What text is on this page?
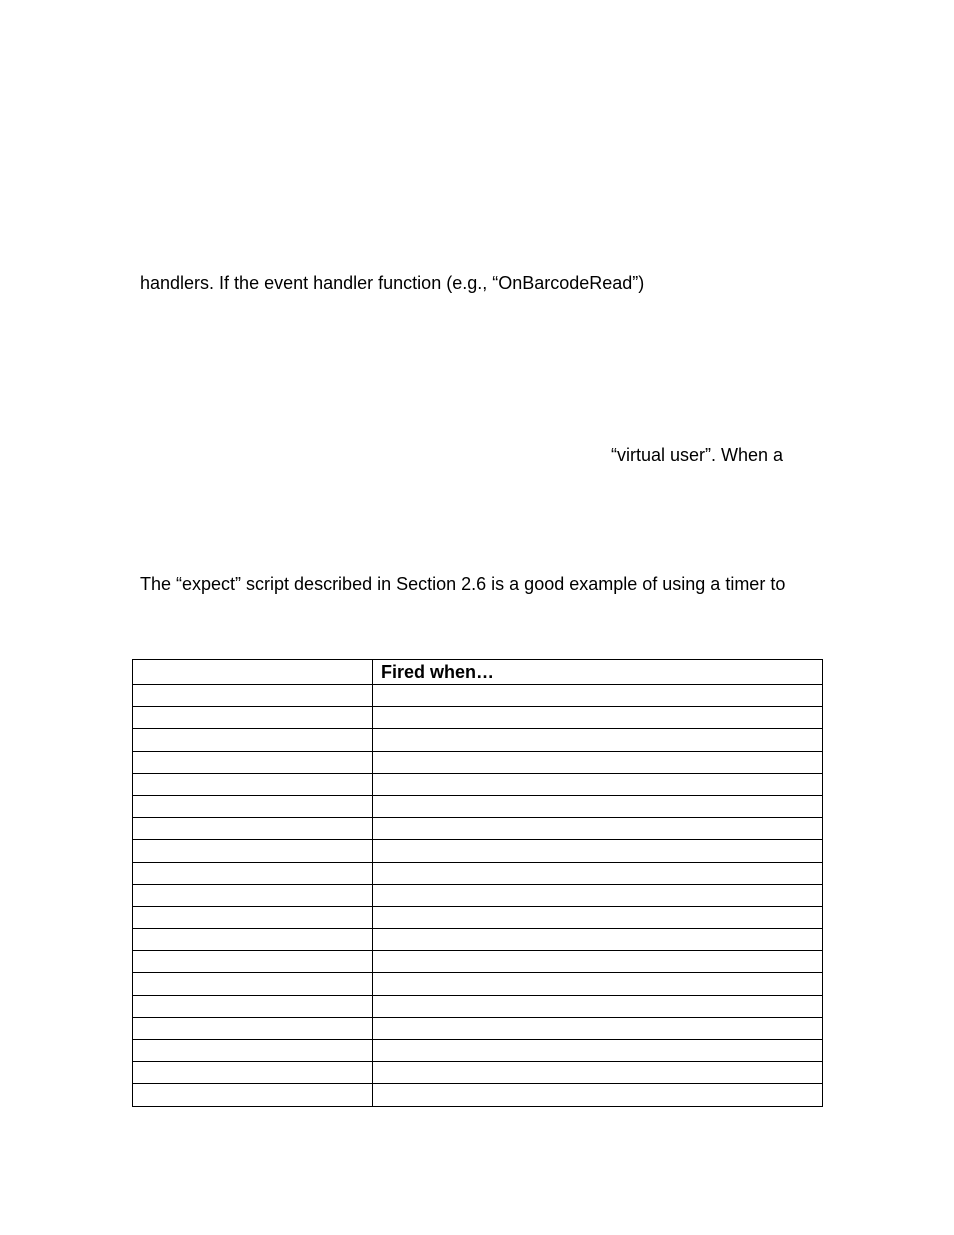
handlers. If the event handler function (e.g., “OnBarcodeRead”)

“virtual user”. When a

The “expect” script described in Section 2.6 is a good example of using a timer to

	Fired when…
